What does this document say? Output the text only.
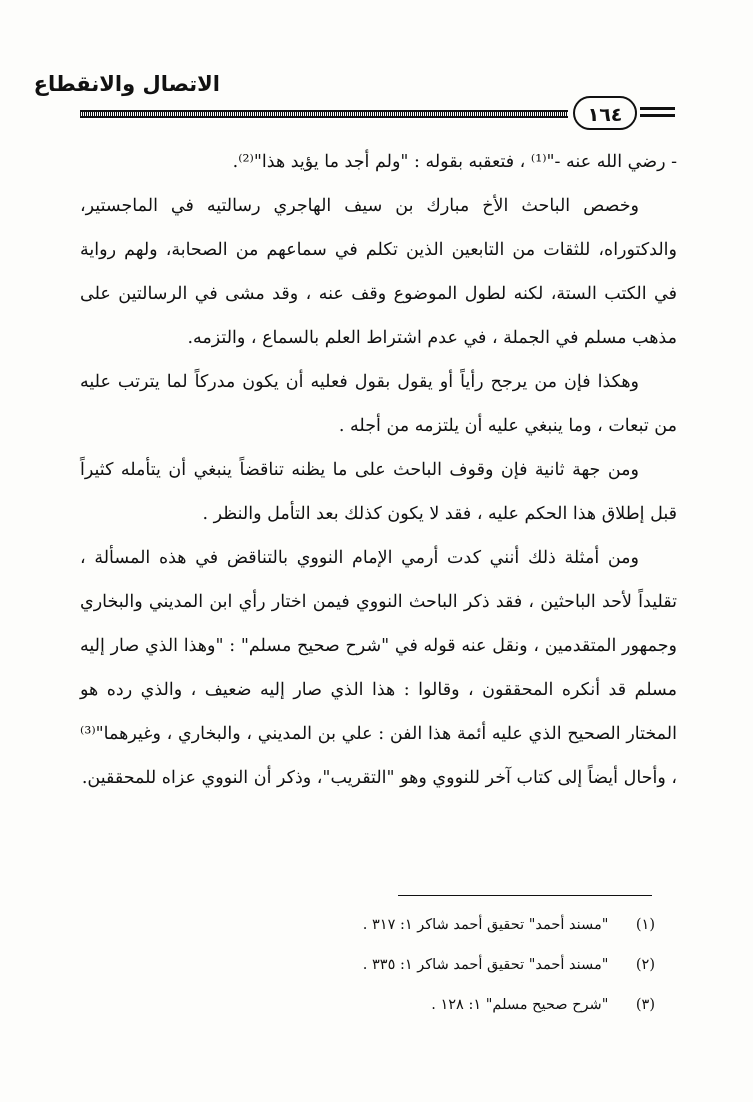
الاتصال والانقطاع
١٦٤

- رضي الله عنه -"⁽¹⁾ ، فتعقبه بقوله : "ولم أجد ما يؤيد هذا"⁽²⁾.

وخصص الباحث الأخ مبارك بن سيف الهاجري رسالتيه في الماجستير، والدكتوراه، للثقات من التابعين الذين تكلم في سماعهم من الصحابة، ولهم رواية في الكتب الستة، لكنه لطول الموضوع وقف عنه ، وقد مشى في الرسالتين على مذهب مسلم في الجملة ، في عدم اشتراط العلم بالسماع ، والتزمه.

وهكذا فإن من يرجح رأياً أو يقول بقول فعليه أن يكون مدركاً لما يترتب عليه من تبعات ، وما ينبغي عليه أن يلتزمه من أجله .

ومن جهة ثانية فإن وقوف الباحث على ما يظنه تناقضاً ينبغي أن يتأمله كثيراً قبل إطلاق هذا الحكم عليه ، فقد لا يكون كذلك بعد التأمل والنظر .

ومن أمثلة ذلك أنني كدت أرمي الإمام النووي بالتناقض في هذه المسألة ، تقليداً لأحد الباحثين ، فقد ذكر الباحث النووي فيمن اختار رأي ابن المديني والبخاري وجمهور المتقدمين ، ونقل عنه قوله في "شرح صحيح مسلم" : "وهذا الذي صار إليه مسلم قد أنكره المحققون ، وقالوا : هذا الذي صار إليه ضعيف ، والذي رده هو المختار الصحيح الذي عليه أئمة هذا الفن : علي بن المديني ، والبخاري ، وغيرهما"⁽³⁾ ، وأحال أيضاً إلى كتاب آخر للنووي وهو "التقريب"، وذكر أن النووي عزاه للمحققين.

(١) "مسند أحمد" تحقيق أحمد شاكر ١: ٣١٧ .
(٢) "مسند أحمد" تحقيق أحمد شاكر ١: ٣٣٥ .
(٣) "شرح صحيح مسلم" ١: ١٢٨ .
